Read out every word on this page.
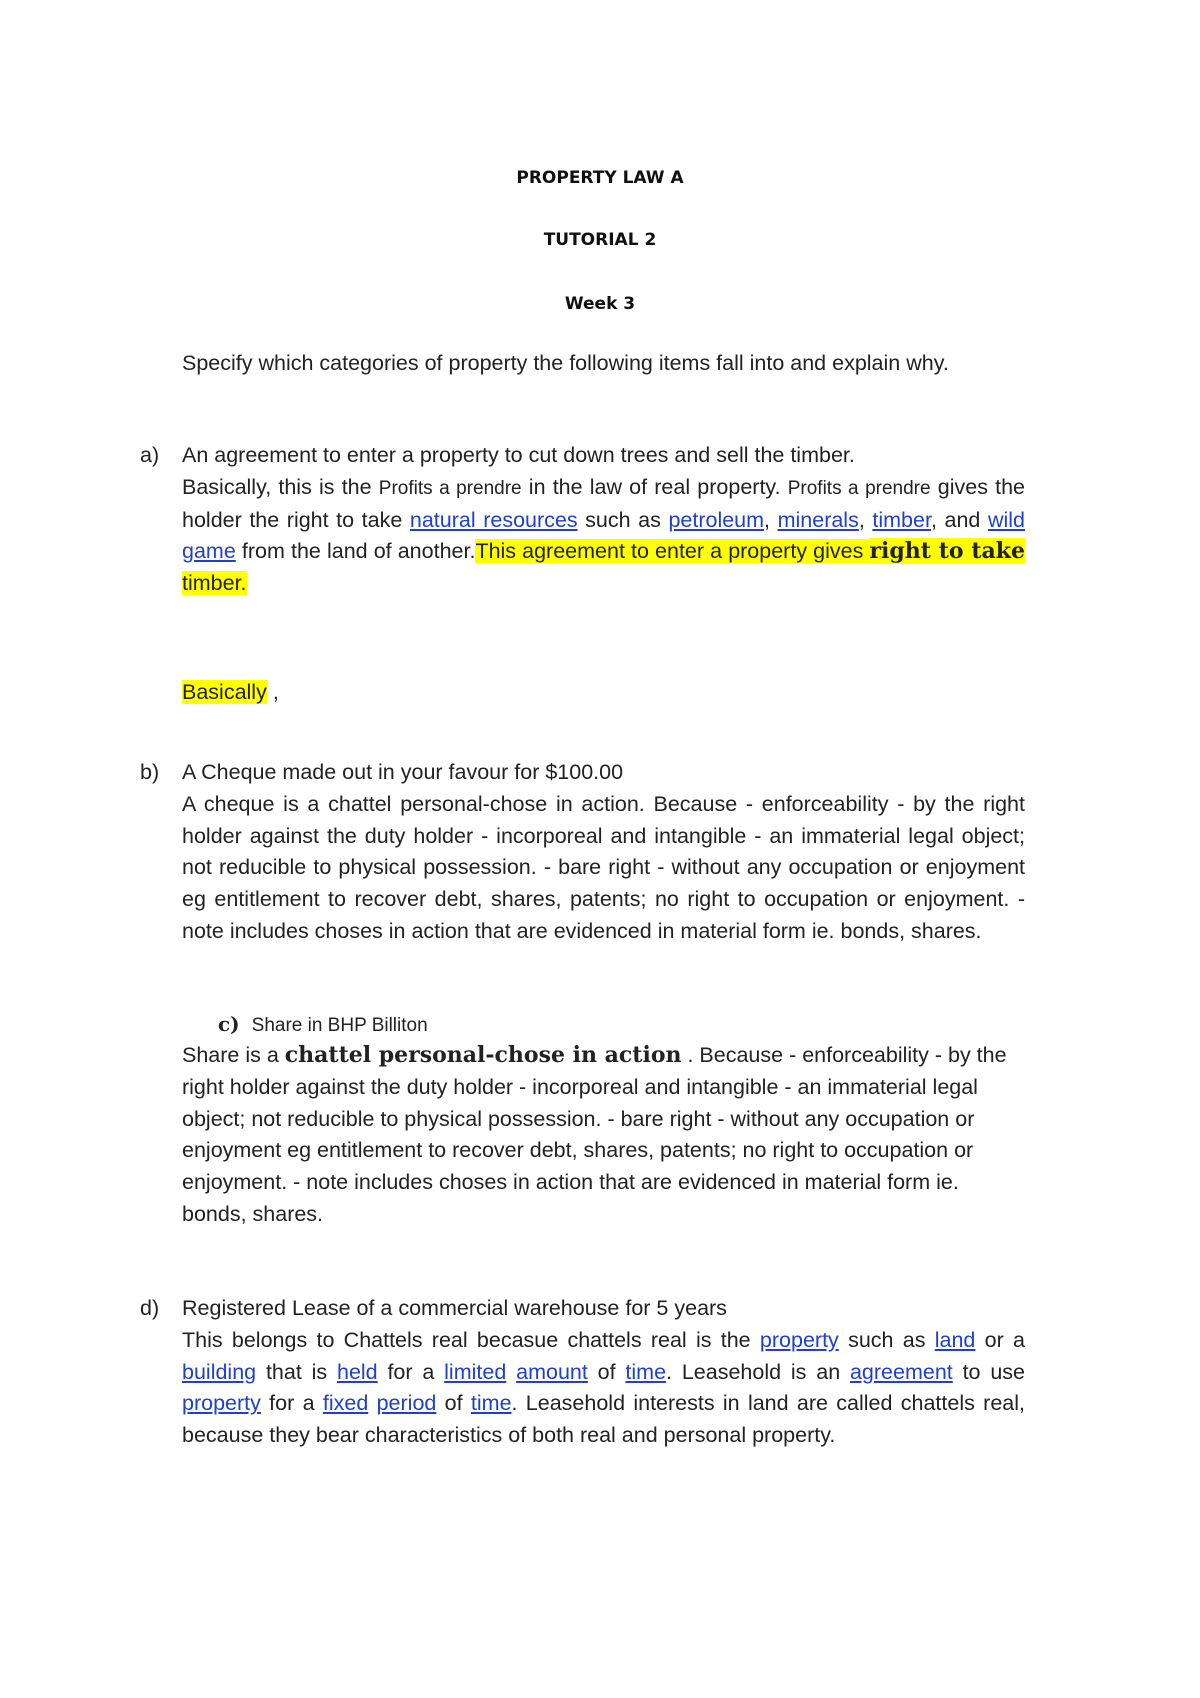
PROPERTY LAW A
TUTORIAL 2
Week 3
Specify which categories of property the following items fall into and explain why.
a)	An agreement to enter a property to cut down trees and sell the timber.
Basically, this is the Profits a prendre in the law of real property. Profits a prendre gives the holder the right to take natural resources such as petroleum, minerals, timber, and wild game from the land of another.This agreement to enter a property gives right to take timber.
Basically ,
b)	A Cheque made out in your favour for $100.00
A cheque is a chattel personal-chose in action. Because - enforceability - by the right holder against the duty holder - incorporeal and intangible - an immaterial legal object; not reducible to physical possession. - bare right - without any occupation or enjoyment eg entitlement to recover debt, shares, patents; no right to occupation or enjoyment. - note includes choses in action that are evidenced in material form ie. bonds, shares.
c) Share in BHP Billiton
Share is a chattel personal-chose in action . Because - enforceability - by the right holder against the duty holder - incorporeal and intangible - an immaterial legal object; not reducible to physical possession. - bare right - without any occupation or enjoyment eg entitlement to recover debt, shares, patents; no right to occupation or enjoyment. - note includes choses in action that are evidenced in material form ie. bonds, shares.
d)	Registered Lease of a commercial warehouse for 5 years
This belongs to Chattels real becasue chattels real is the property such as land or a building that is held for a limited amount of time. Leasehold is an agreement to use property for a fixed period of time. Leasehold interests in land are called chattels real, because they bear characteristics of both real and personal property.
